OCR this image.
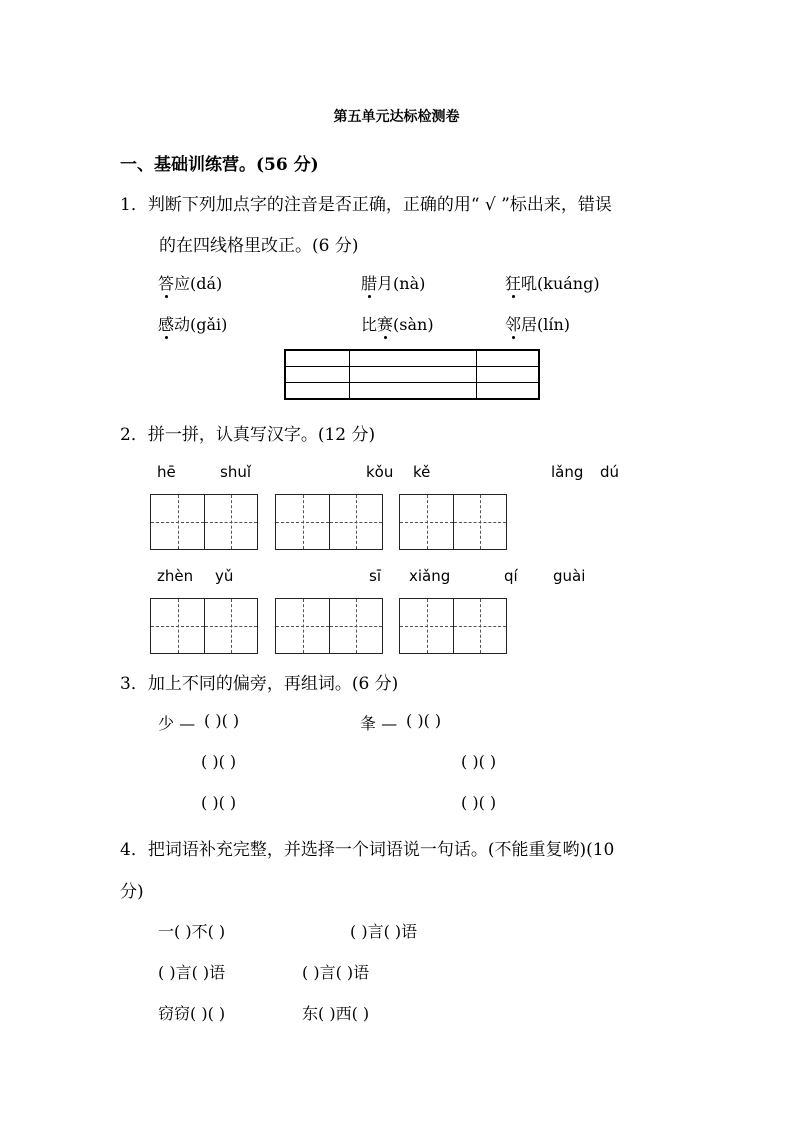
第五单元达标检测卷
一、基础训练营。(56 分)
1．判断下列加点字的注音是否正确，正确的用“ √ ”标出来，错误
的在四线格里改正。(6 分)
答应(dá)	腊月(nà)	狂吼(kuáng)
感动(gǎi)	比赛(sàn)	邻居(lín)

2．拼一拼，认真写汉字。(12 分)
hē	shuǐ	kǒu kě	lǎng dú
zhèn yǔ	sī xiǎng	qí guài
3．加上不同的偏旁，再组词。(6 分)
少 — ( )( )	夆 — ( )( )
( )( )	( )( )
( )( )	( )( )
4．把词语补充完整，并选择一个词语说一句话。(不能重复哟)(10
分)
一( )不( )	( )言( )语
( )言( )语	( )言( )语
窃窃( )( )	东( )西( )
